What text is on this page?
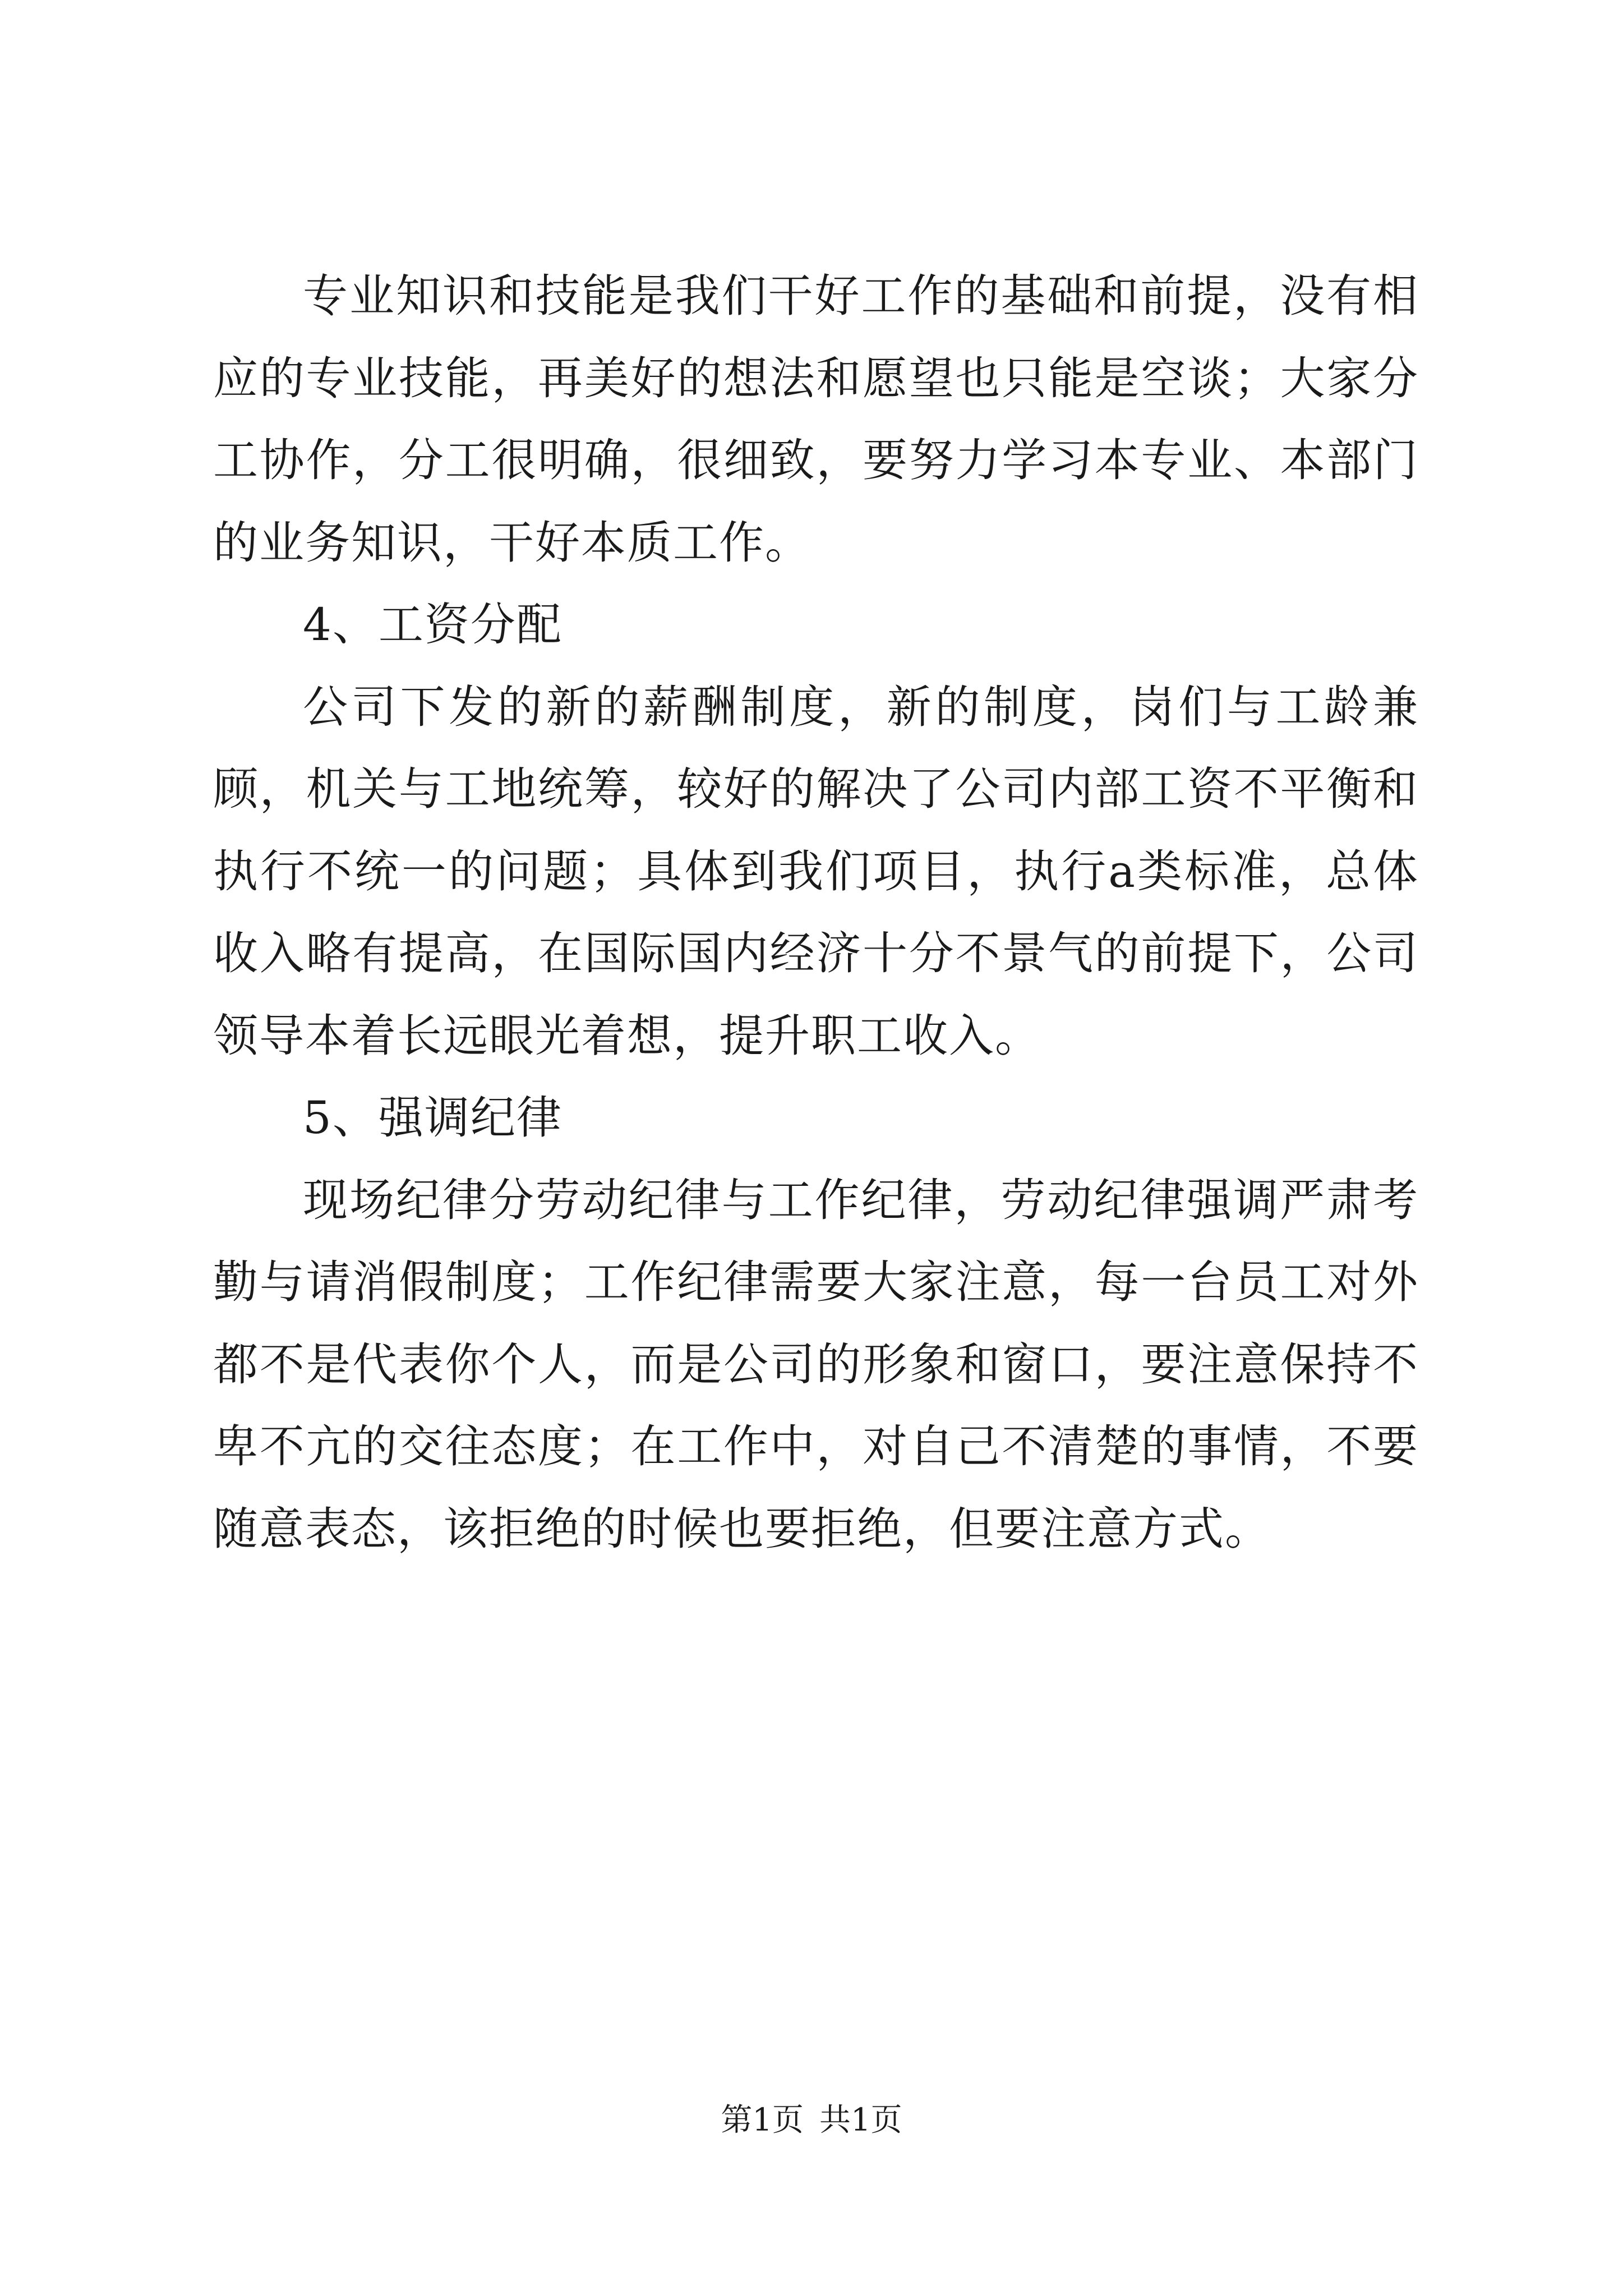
专业知识和技能是我们干好工作的基础和前提，没有相应的专业技能，再美好的想法和愿望也只能是空谈；大家分工协作，分工很明确，很细致，要努力学习本专业、本部门的业务知识，干好本质工作。

4、工资分配

公司下发的新的薪酬制度，新的制度，岗们与工龄兼顾，机关与工地统筹，较好的解决了公司内部工资不平衡和执行不统一的问题；具体到我们项目，执行a类标准，总体收入略有提高，在国际国内经济十分不景气的前提下，公司领导本着长远眼光着想，提升职工收入。

5、强调纪律

现场纪律分劳动纪律与工作纪律，劳动纪律强调严肃考勤与请消假制度；工作纪律需要大家注意，每一台员工对外都不是代表你个人，而是公司的形象和窗口，要注意保持不卑不亢的交往态度；在工作中，对自己不清楚的事情，不要随意表态，该拒绝的时候也要拒绝，但要注意方式。

第1页 共1页
